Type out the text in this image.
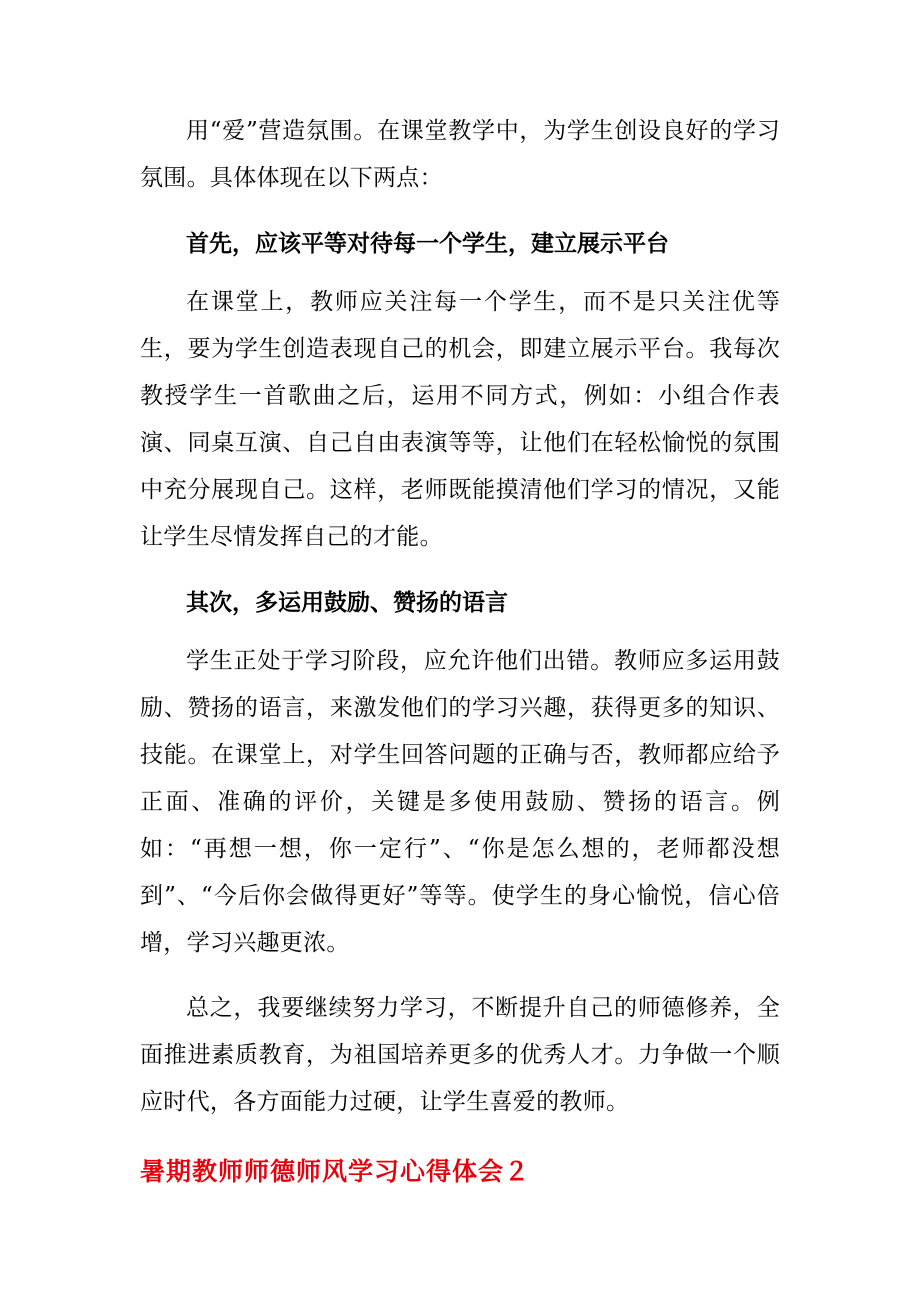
用“爱”营造氛围。在课堂教学中，为学生创设良好的学习氛围。具体体现在以下两点：

首先，应该平等对待每一个学生，建立展示平台

在课堂上，教师应关注每一个学生，而不是只关注优等生，要为学生创造表现自己的机会，即建立展示平台。我每次教授学生一首歌曲之后，运用不同方式，例如：小组合作表演、同桌互演、自己自由表演等等，让他们在轻松愉悦的氛围中充分展现自己。这样，老师既能摸清他们学习的情况，又能让学生尽情发挥自己的才能。

其次，多运用鼓励、赞扬的语言

学生正处于学习阶段，应允许他们出错。教师应多运用鼓励、赞扬的语言，来激发他们的学习兴趣，获得更多的知识、技能。在课堂上，对学生回答问题的正确与否，教师都应给予正面、准确的评价，关键是多使用鼓励、赞扬的语言。例如：“再想一想，你一定行”、“你是怎么想的，老师都没想到”、“今后你会做得更好”等等。使学生的身心愉悦，信心倍增，学习兴趣更浓。

总之，我要继续努力学习，不断提升自己的师德修养，全面推进素质教育，为祖国培养更多的优秀人才。力争做一个顺应时代，各方面能力过硬，让学生喜爱的教师。

暑期教师师德师风学习心得体会２
